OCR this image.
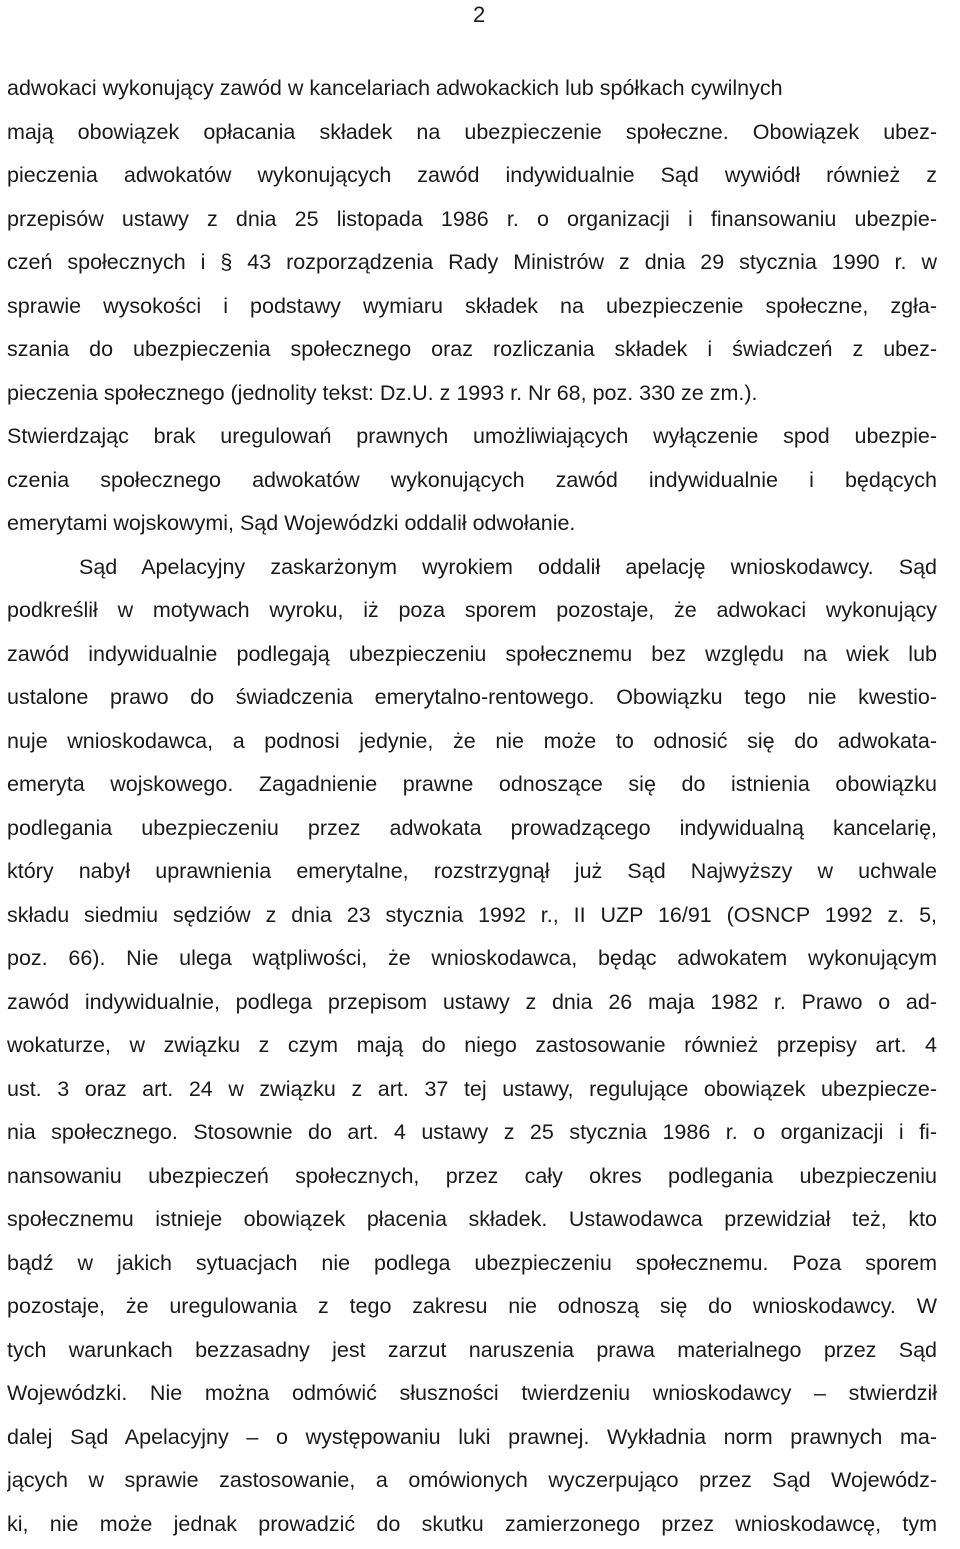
2
adwokaci wykonujący zawód w kancelariach adwokackich lub spółkach cywilnych
mają obowiązek opłacania składek na ubezpieczenie społeczne. Obowiązek ubez-
pieczenia adwokatów wykonujących zawód indywidualnie Sąd wywiódł również z
przepisów ustawy z dnia 25 listopada 1986 r. o organizacji i finansowaniu ubezpie-
czeń społecznych i § 43 rozporządzenia Rady Ministrów z dnia 29 stycznia 1990 r. w
sprawie wysokości i podstawy wymiaru składek na ubezpieczenie społeczne, zgła-
szania do ubezpieczenia społecznego oraz rozliczania składek i świadczeń z ubez-
pieczenia społecznego (jednolity tekst: Dz.U. z 1993 r. Nr 68, poz. 330 ze zm.).
Stwierdzając brak uregulowań prawnych umożliwiających wyłączenie spod ubezpie-
czenia społecznego adwokatów wykonujących zawód indywidualnie i będących
emerytami wojskowymi, Sąd Wojewódzki oddalił odwołanie.
Sąd Apelacyjny zaskarżonym wyrokiem oddalił apelację wnioskodawcy. Sąd
podkreślił w motywach wyroku, iż poza sporem pozostaje, że adwokaci wykonujący
zawód indywidualnie podlegają ubezpieczeniu społecznemu bez względu na wiek lub
ustalone prawo do świadczenia emerytalno-rentowego. Obowiązku tego nie kwestio-
nuje wnioskodawca, a podnosi jedynie, że nie może to odnosić się do adwokata-
emeryta wojskowego. Zagadnienie prawne odnoszące się do istnienia obowiązku
podlegania ubezpieczeniu przez adwokata prowadzącego indywidualną kancelarię,
który nabył uprawnienia emerytalne, rozstrzygnął już Sąd Najwyższy w uchwale
składu siedmiu sędziów z dnia 23 stycznia 1992 r., II UZP 16/91 (OSNCP 1992 z. 5,
poz. 66). Nie ulega wątpliwości, że wnioskodawca, będąc adwokatem wykonującym
zawód indywidualnie, podlega przepisom ustawy z dnia 26 maja 1982 r. Prawo o ad-
wokaturze, w związku z czym mają do niego zastosowanie również przepisy art. 4
ust. 3 oraz art. 24 w związku z art. 37 tej ustawy, regulujące obowiązek ubezpiecze-
nia społecznego. Stosownie do art. 4 ustawy z 25 stycznia 1986 r. o organizacji i fi-
nansowaniu ubezpieczeń społecznych, przez cały okres podlegania ubezpieczeniu
społecznemu istnieje obowiązek płacenia składek. Ustawodawca przewidział też, kto
bądź w jakich sytuacjach nie podlega ubezpieczeniu społecznemu. Poza sporem
pozostaje, że uregulowania z tego zakresu nie odnoszą się do wnioskodawcy. W
tych warunkach bezzasadny jest zarzut naruszenia prawa materialnego przez Sąd
Wojewódzki. Nie można odmówić słuszności twierdzeniu wnioskodawcy – stwierdził
dalej Sąd Apelacyjny – o występowaniu luki prawnej. Wykładnia norm prawnych ma-
jących w sprawie zastosowanie, a omówionych wyczerpująco przez Sąd Wojewódz-
ki, nie może jednak prowadzić do skutku zamierzonego przez wnioskodawcę, tym
